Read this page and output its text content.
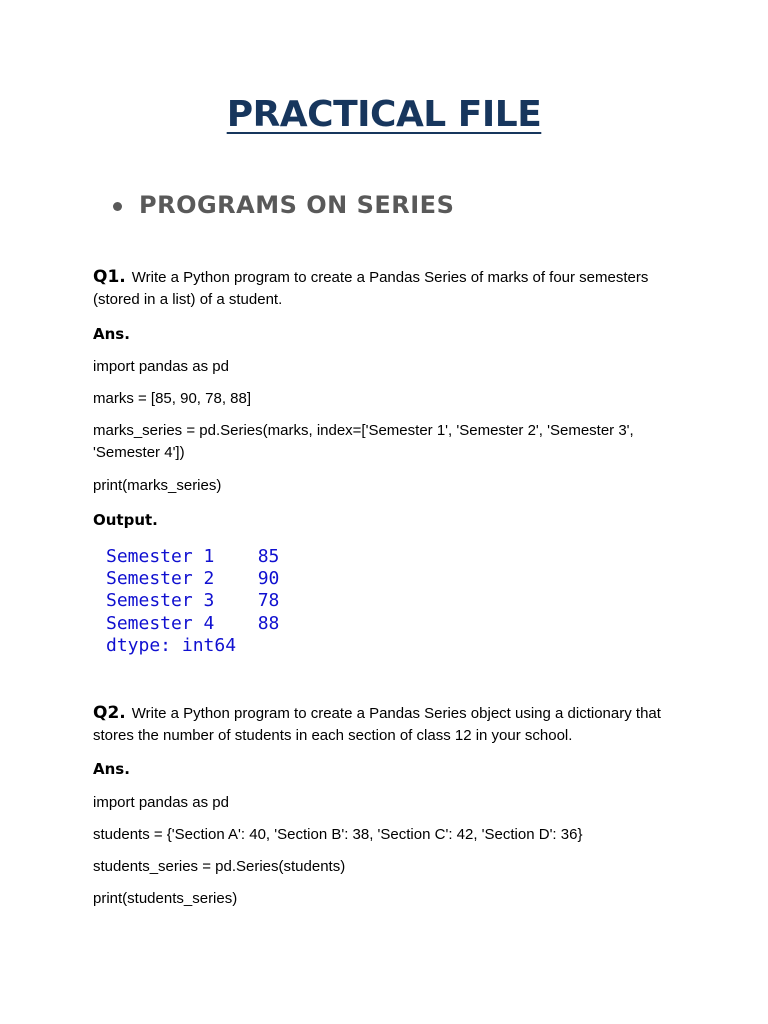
PRACTICAL FILE
PROGRAMS ON SERIES

Q1. Write a Python program to create a Pandas Series of marks of four semesters (stored in a list) of a student.

Ans.

import pandas as pd

marks = [85, 90, 78, 88]

marks_series = pd.Series(marks, index=['Semester 1', 'Semester 2', 'Semester 3', 'Semester 4'])

print(marks_series)

Output.

Semester 1    85
Semester 2    90
Semester 3    78
Semester 4    88
dtype: int64

Q2. Write a Python program to create a Pandas Series object using a dictionary that stores the number of students in each section of class 12 in your school.

Ans.

import pandas as pd

students = {'Section A': 40, 'Section B': 38, 'Section C': 42, 'Section D': 36}

students_series = pd.Series(students)

print(students_series)
